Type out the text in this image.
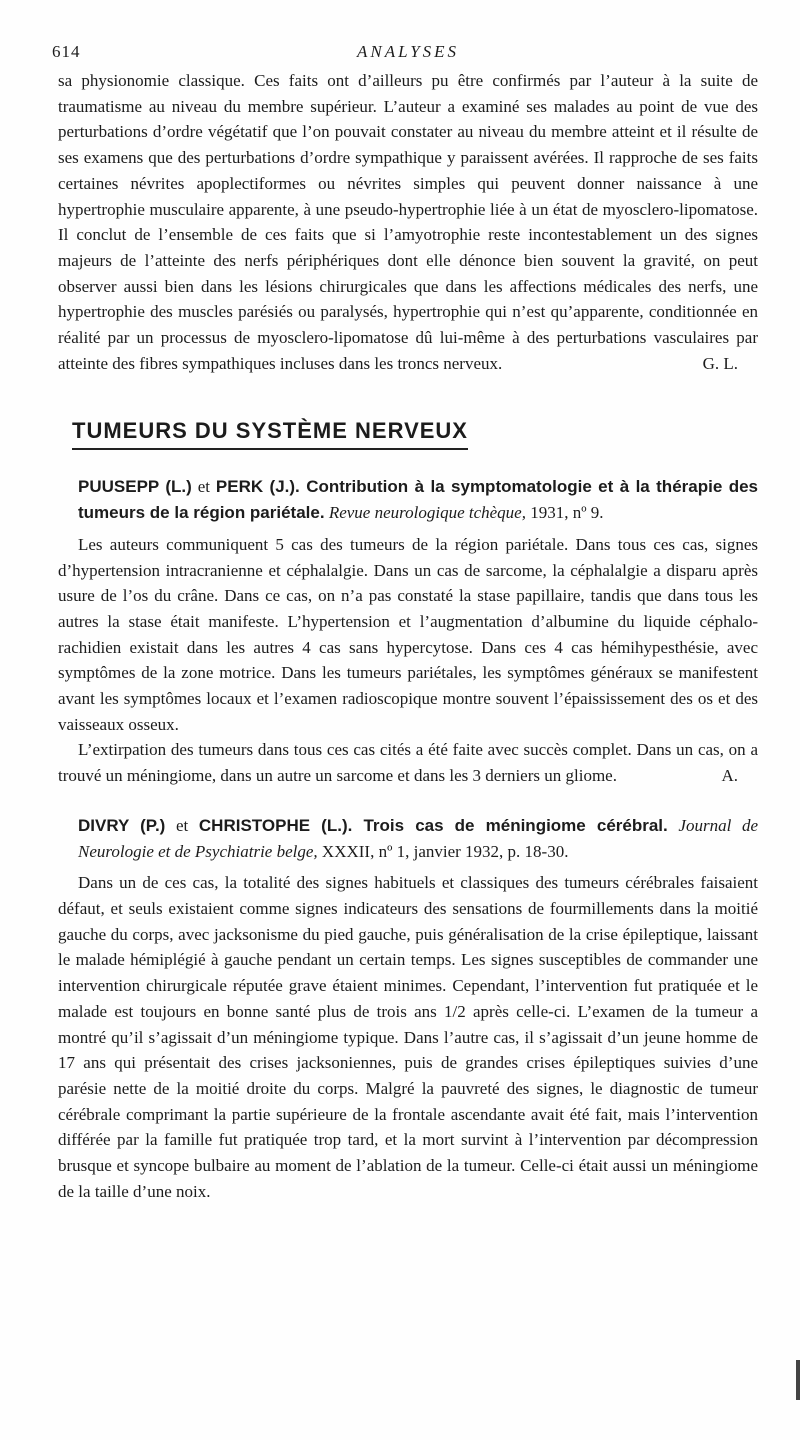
614	ANALYSES

sa physionomie classique. Ces faits ont d’ailleurs pu être confirmés par l’auteur à la suite de traumatisme au niveau du membre supérieur. L’auteur a examiné ses malades au point de vue des perturbations d’ordre végétatif que l’on pouvait constater au niveau du membre atteint et il résulte de ses examens que des perturbations d’ordre sympathique y paraissent avérées. Il rapproche de ses faits certaines névrites apoplectiformes ou névrites simples qui peuvent donner naissance à une hypertrophie musculaire apparente, à une pseudo-hypertrophie liée à un état de myosclero-lipomatose. Il conclut de l’ensemble de ces faits que si l’amyotrophie reste incontestablement un des signes majeurs de l’atteinte des nerfs périphériques dont elle dénonce bien souvent la gravité, on peut observer aussi bien dans les lésions chirurgicales que dans les affections médicales des nerfs, une hypertrophie des muscles parésiés ou paralysés, hypertrophie qui n’est qu’apparente, conditionnée en réalité par un processus de myosclero-lipomatose dû lui-même à des perturbations vasculaires par atteinte des fibres sympathiques incluses dans les troncs nerveux.	G. L.

TUMEURS DU SYSTÈME NERVEUX
PUUSEPP (L.) et PERK (J.). Contribution à la symptomatologie et à la thérapie des tumeurs de la région pariétale. Revue neurologique tchèque, 1931, nº 9.

Les auteurs communiquent 5 cas des tumeurs de la région pariétale. Dans tous ces cas, signes d’hypertension intracranienne et céphalalgie. Dans un cas de sarcome, la céphalalgie a disparu après usure de l’os du crâne. Dans ce cas, on n’a pas constaté la stase papillaire, tandis que dans tous les autres la stase était manifeste. L’hypertension et l’augmentation d’albumine du liquide céphalo-rachidien existait dans les autres 4 cas sans hypercytose. Dans ces 4 cas hémihypesthésie, avec symptômes de la zone motrice. Dans les tumeurs pariétales, les symptômes généraux se manifestent avant les symptômes locaux et l’examen radioscopique montre souvent l’épaississement des os et des vaisseaux osseux.

L’extirpation des tumeurs dans tous ces cas cités a été faite avec succès complet. Dans un cas, on a trouvé un méningiome, dans un autre un sarcome et dans les 3 derniers un gliome.	A.

DIVRY (P.) et CHRISTOPHE (L.). Trois cas de méningiome cérébral. Journal de Neurologie et de Psychiatrie belge, XXXII, nº 1, janvier 1932, p. 18-30.

Dans un de ces cas, la totalité des signes habituels et classiques des tumeurs cérébrales faisaient défaut, et seuls existaient comme signes indicateurs des sensations de fourmillements dans la moitié gauche du corps, avec jacksonisme du pied gauche, puis généralisation de la crise épileptique, laissant le malade hémiplégié à gauche pendant un certain temps. Les signes susceptibles de commander une intervention chirurgicale réputée grave étaient minimes. Cependant, l’intervention fut pratiquée et le malade est toujours en bonne santé plus de trois ans 1/2 après celle-ci. L’examen de la tumeur a montré qu’il s’agissait d’un méningiome typique. Dans l’autre cas, il s’agissait d’un jeune homme de 17 ans qui présentait des crises jacksoniennes, puis de grandes crises épileptiques suivies d’une parésie nette de la moitié droite du corps. Malgré la pauvreté des signes, le diagnostic de tumeur cérébrale comprimant la partie supérieure de la frontale ascendante avait été fait, mais l’intervention différée par la famille fut pratiquée trop tard, et la mort survint à l’intervention par décompression brusque et syncope bulbaire au moment de l’ablation de la tumeur. Celle-ci était aussi un méningiome de la taille d’une noix.
